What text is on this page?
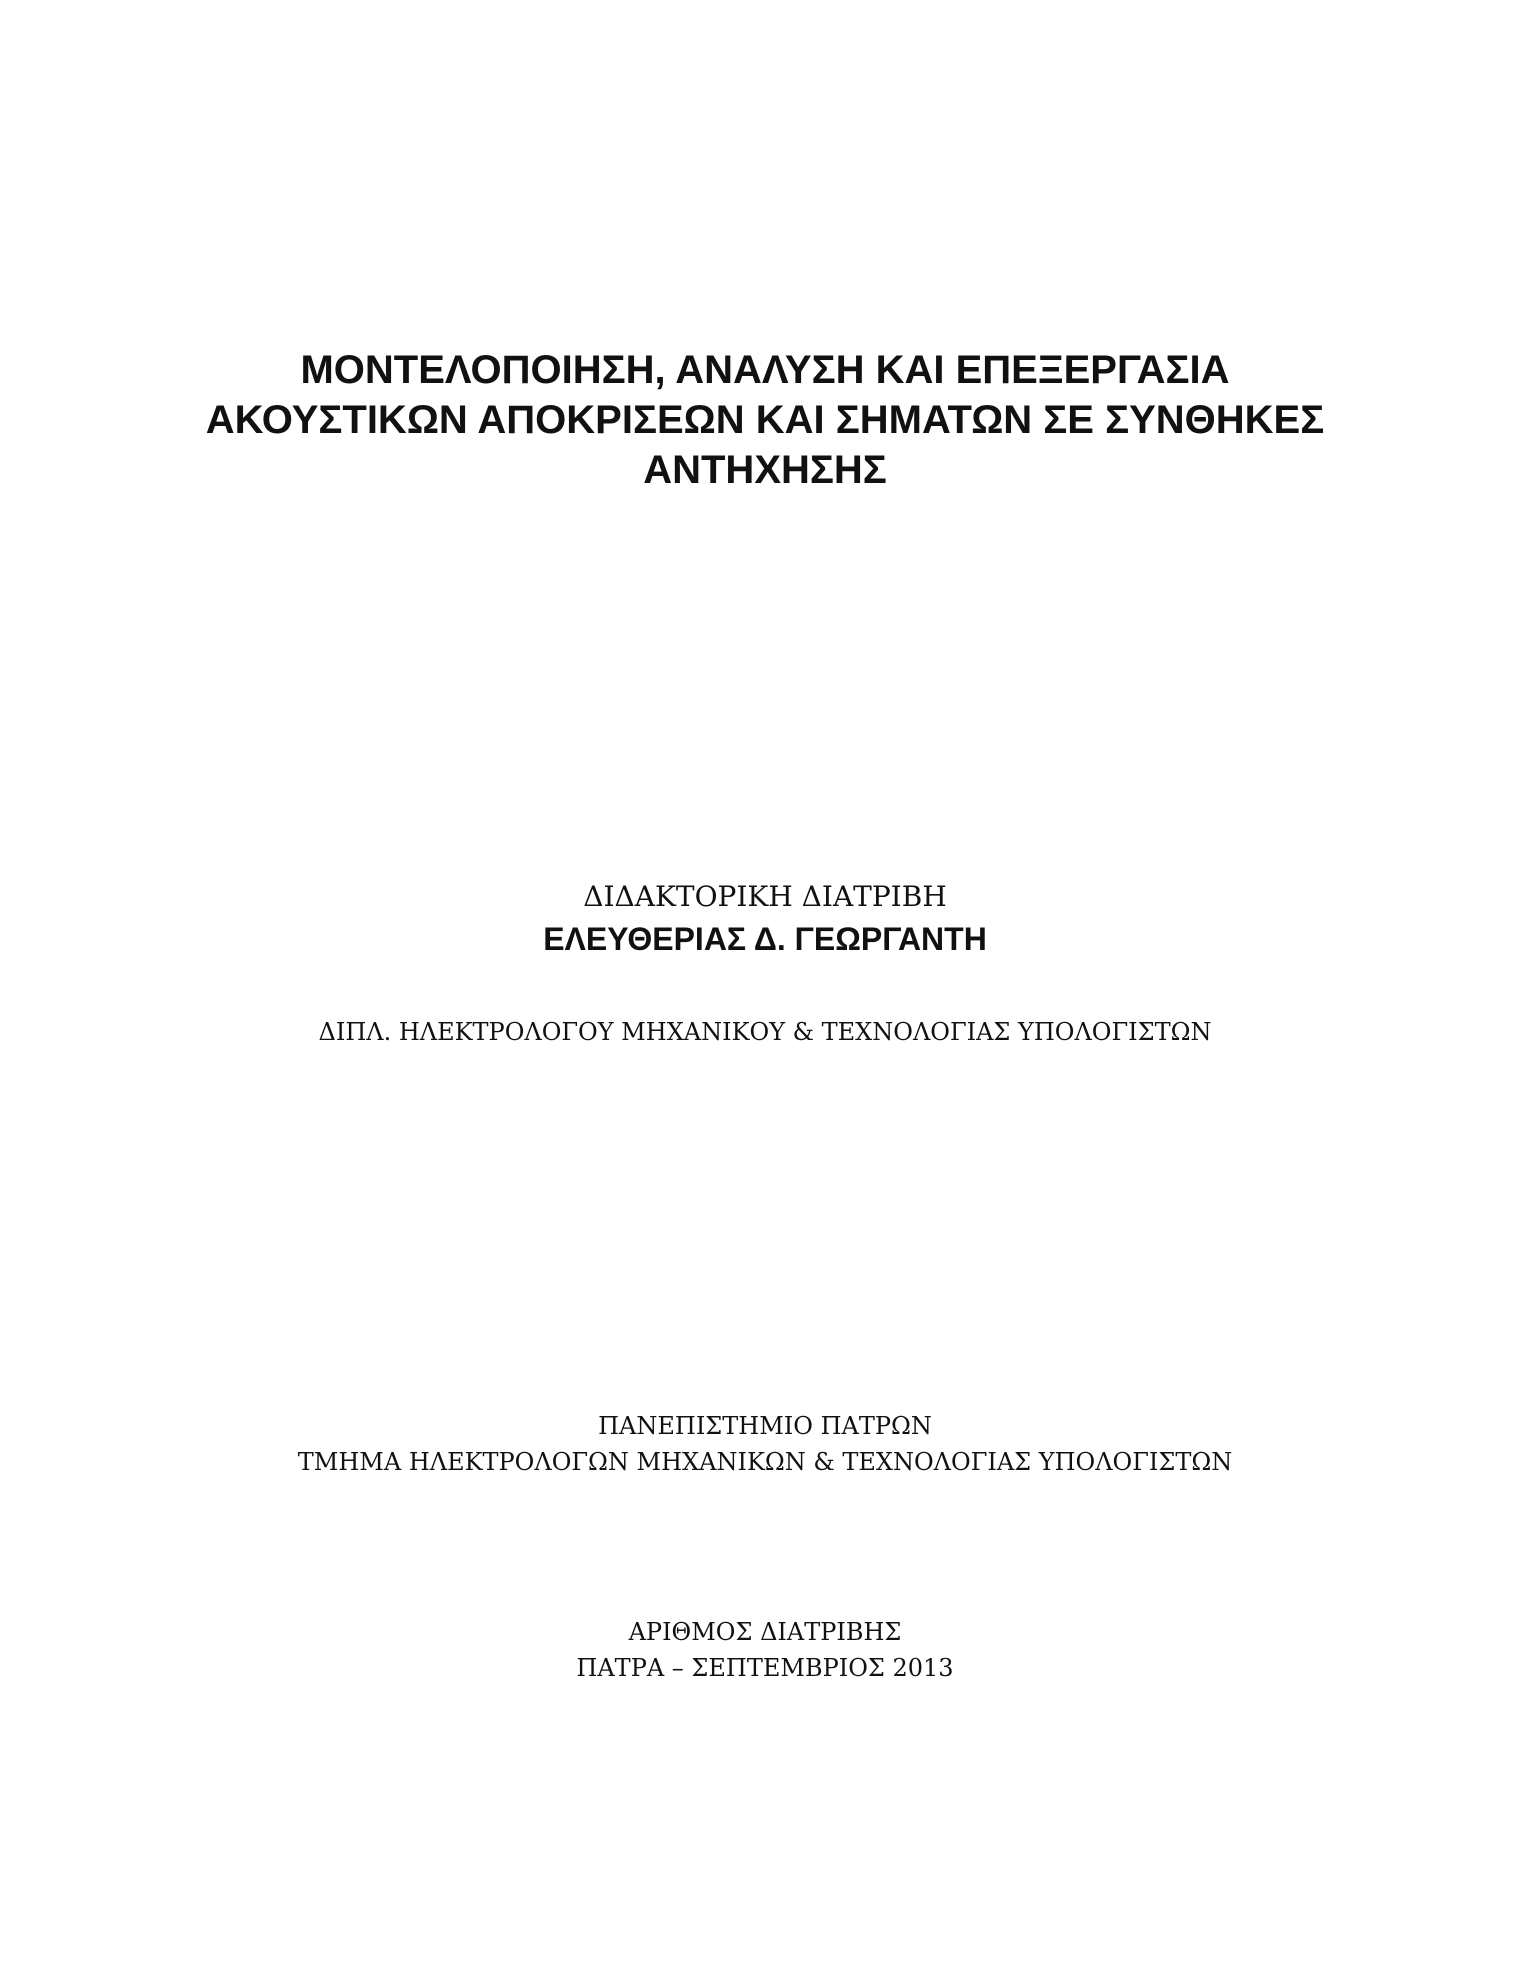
ΜΟΝΤΕΛΟΠΟΙΗΣΗ, ΑΝΑΛΥΣΗ ΚΑΙ ΕΠΕΞΕΡΓΑΣΙΑ
ΑΚΟΥΣΤΙΚΩΝ ΑΠΟΚΡΙΣΕΩΝ ΚΑΙ ΣΗΜΑΤΩΝ ΣΕ ΣΥΝΘΗΚΕΣ
ΑΝΤΗΧΗΣΗΣ
ΔΙΔΑΚΤΟΡΙΚΗ ΔΙΑΤΡΙΒΗ
ΕΛΕΥΘΕΡΙΑΣ Δ. ΓΕΩΡΓΑΝΤΗ
ΔΙΠΛ. ΗΛΕΚΤΡΟΛΟΓΟΥ ΜΗΧΑΝΙΚΟΥ & ΤΕΧΝΟΛΟΓΙΑΣ ΥΠΟΛΟΓΙΣΤΩΝ
ΠΑΝΕΠΙΣΤΗΜΙΟ ΠΑΤΡΩΝ
ΤΜΗΜΑ ΗΛΕΚΤΡΟΛΟΓΩΝ ΜΗΧΑΝΙΚΩΝ & ΤΕΧΝΟΛΟΓΙΑΣ ΥΠΟΛΟΓΙΣΤΩΝ
ΑΡΙΘΜΟΣ ΔΙΑΤΡΙΒΗΣ
ΠΑΤΡΑ – ΣΕΠΤΕΜΒΡΙΟΣ 2013
